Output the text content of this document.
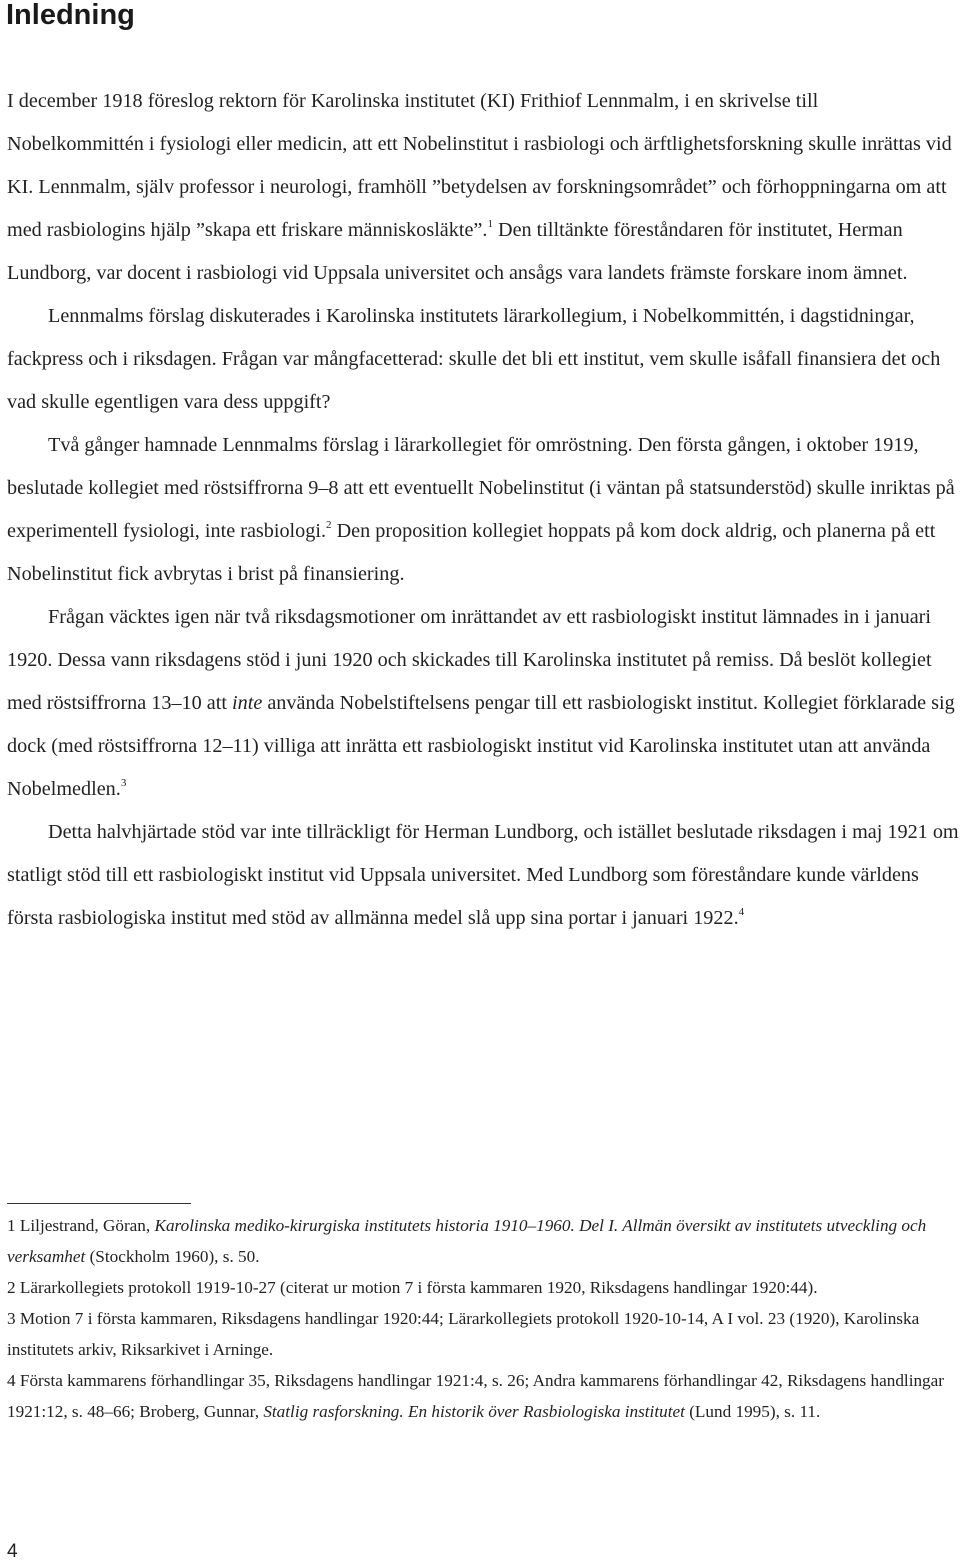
Inledning

I december 1918 föreslog rektorn för Karolinska institutet (KI) Frithiof Lennmalm, i en skrivelse till Nobelkommittén i fysiologi eller medicin, att ett Nobelinstitut i rasbiologi och ärftlighetsforskning skulle inrättas vid KI. Lennmalm, själv professor i neurologi, framhöll ”betydelsen av forskningsområdet” och förhoppningarna om att med rasbiologins hjälp ”skapa ett friskare människosläkte”.$^1$ Den tilltänkte föreståndaren för institutet, Herman Lundborg, var docent i rasbiologi vid Uppsala universitet och ansågs vara landets främste forskare inom ämnet.

Lennmalms förslag diskuterades i Karolinska institutets lärarkollegium, i Nobelkommittén, i dagstidningar, fackpress och i riksdagen. Frågan var mångfacetterad: skulle det bli ett institut, vem skulle isåfall finansiera det och vad skulle egentligen vara dess uppgift?

Två gånger hamnade Lennmalms förslag i lärarkollegiet för omröstning. Den första gången, i oktober 1919, beslutade kollegiet med röstsiffrorna 9–8 att ett eventuellt Nobelinstitut (i väntan på statsunderstöd) skulle inriktas på experimentell fysiologi, inte rasbiologi.$^2$ Den proposition kollegiet hoppats på kom dock aldrig, och planerna på ett Nobelinstitut fick avbrytas i brist på finansiering.

Frågan väcktes igen när två riksdagsmotioner om inrättandet av ett rasbiologiskt institut lämnades in i januari 1920. Dessa vann riksdagens stöd i juni 1920 och skickades till Karolinska institutet på remiss. Då beslöt kollegiet med röstsiffrorna 13–10 att inte använda Nobelstiftelsens pengar till ett rasbiologiskt institut. Kollegiet förklarade sig dock (med röstsiffrorna 12–11) villiga att inrätta ett rasbiologiskt institut vid Karolinska institutet utan att använda Nobelmedlen.$^3$

Detta halvhjärtade stöd var inte tillräckligt för Herman Lundborg, och istället beslutade riksdagen i maj 1921 om statligt stöd till ett rasbiologiskt institut vid Uppsala universitet. Med Lundborg som föreståndare kunde världens första rasbiologiska institut med stöd av allmänna medel slå upp sina portar i januari 1922.$^4$

1 Liljestrand, Göran, Karolinska mediko-kirurgiska institutets historia 1910–1960. Del I. Allmän översikt av institutets utveckling och verksamhet (Stockholm 1960), s. 50.

2 Lärarkollegiets protokoll 1919-10-27 (citerat ur motion 7 i första kammaren 1920, Riksdagens handlingar 1920:44).

3 Motion 7 i första kammaren, Riksdagens handlingar 1920:44; Lärarkollegiets protokoll 1920-10-14, A I vol. 23 (1920), Karolinska institutets arkiv, Riksarkivet i Arninge.

4 Första kammarens förhandlingar 35, Riksdagens handlingar 1921:4, s. 26; Andra kammarens förhandlingar 42, Riksdagens handlingar 1921:12, s. 48–66; Broberg, Gunnar, Statlig rasforskning. En historik över Rasbiologiska institutet (Lund 1995), s. 11.

4
